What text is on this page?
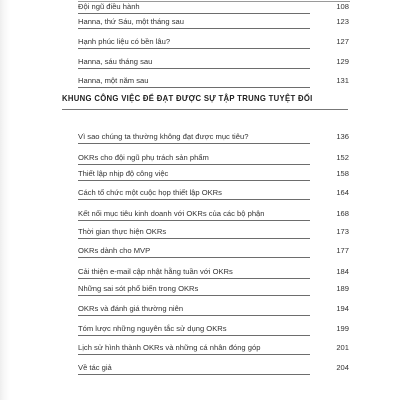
Đội ngũ điều hành	108
Hanna, thứ Sáu, một tháng sau	123
Hạnh phúc liệu có bền lâu?	127
Hanna, sáu tháng sau	129
Hanna, một năm sau	131
KHUNG CÔNG VIỆC ĐỂ ĐẠT ĐƯỢC SỰ TẬP TRUNG TUYỆT ĐỐI
Vì sao chúng ta thường không đạt được mục tiêu?	136
OKRs cho đội ngũ phụ trách sản phẩm	152
Thiết lập nhịp độ công việc	158
Cách tổ chức một cuộc họp thiết lập OKRs	164
Kết nối mục tiêu kinh doanh với OKRs của các bộ phận	168
Thời gian thực hiện OKRs	173
OKRs dành cho MVP	177
Cải thiện e-mail cập nhật hằng tuần với OKRs	184
Những sai sót phổ biến trong OKRs	189
OKRs và đánh giá thường niên	194
Tóm lược những nguyên tắc sử dụng OKRs	199
Lịch sử hình thành OKRs và những cá nhân đóng góp	201
Về tác giả	204
